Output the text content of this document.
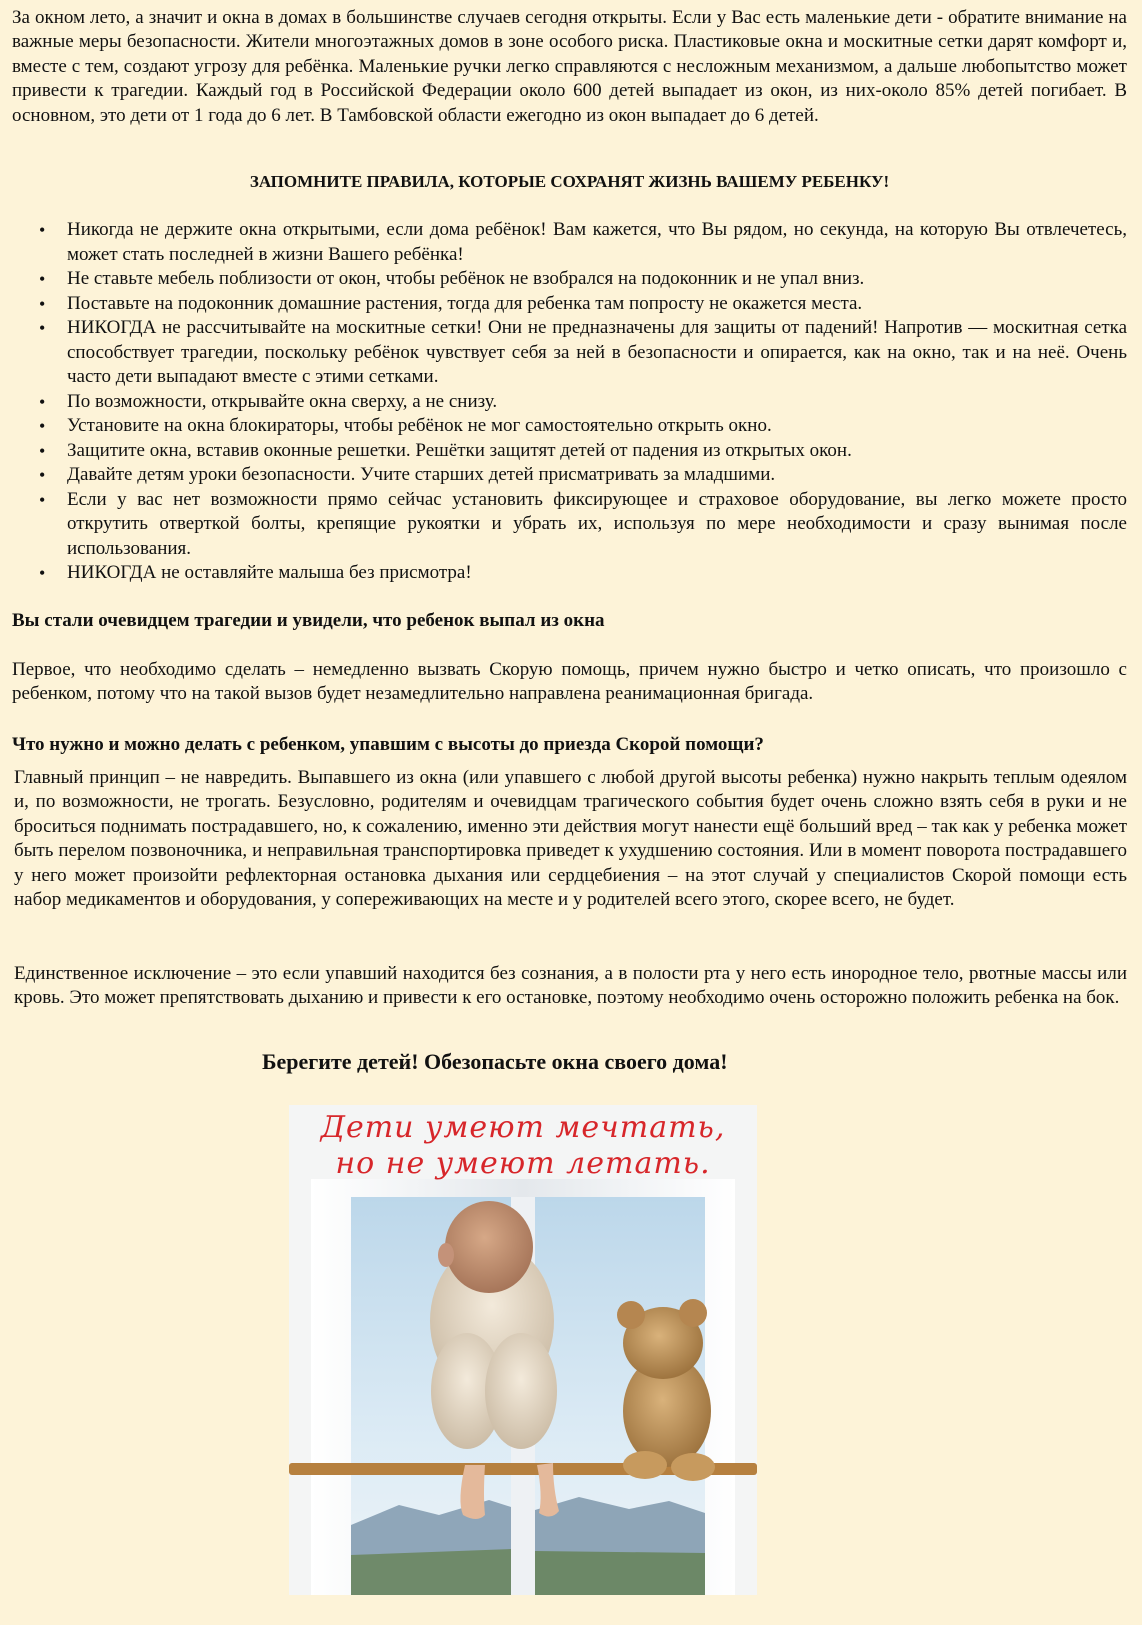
За окном лето, а значит и окна в домах в большинстве случаев сегодня открыты. Если у Вас есть маленькие дети - обратите внимание на важные меры безопасности. Жители многоэтажных домов в зоне особого риска. Пластиковые окна и москитные сетки дарят комфорт и, вместе с тем, создают угрозу для ребёнка. Маленькие ручки легко справляются с несложным механизмом, а дальше любопытство может привести к трагедии. Каждый год в Российской Федерации около 600 детей выпадает из окон, из них-около 85% детей погибает. В основном, это дети от 1 года до 6 лет. В Тамбовской области ежегодно из окон выпадает до 6 детей.
ЗАПОМНИТЕ ПРАВИЛА, КОТОРЫЕ СОХРАНЯТ ЖИЗНЬ ВАШЕМУ РЕБЕНКУ!
• Никогда не держите окна открытыми, если дома ребёнок! Вам кажется, что Вы рядом, но секунда, на которую Вы отвлечетесь, может стать последней в жизни Вашего ребёнка!
• Не ставьте мебель поблизости от окон, чтобы ребёнок не взобрался на подоконник и не упал вниз.
• Поставьте на подоконник домашние растения, тогда для ребенка там попросту не окажется места.
• НИКОГДА не рассчитывайте на москитные сетки! Они не предназначены для защиты от падений! Напротив — москитная сетка способствует трагедии, поскольку ребёнок чувствует себя за ней в безопасности и опирается, как на окно, так и на неё. Очень часто дети выпадают вместе с этими сетками.
• По возможности, открывайте окна сверху, а не снизу.
• Установите на окна блокираторы, чтобы ребёнок не мог самостоятельно открыть окно.
• Защитите окна, вставив оконные решетки. Решётки защитят детей от падения из открытых окон.
• Давайте детям уроки безопасности. Учите старших детей присматривать за младшими.
• Если у вас нет возможности прямо сейчас установить фиксирующее и страховое оборудование, вы легко можете просто открутить отверткой болты, крепящие рукоятки и убрать их, используя по мере необходимости и сразу вынимая после использования.
• НИКОГДА не оставляйте малыша без присмотра!
Вы стали очевидцем трагедии и увидели, что ребенок выпал из окна
Первое, что необходимо сделать – немедленно вызвать Скорую помощь, причем нужно быстро и четко описать, что произошло с ребенком, потому что на такой вызов будет незамедлительно направлена реанимационная бригада.
Что нужно и можно делать с ребенком, упавшим с высоты до приезда Скорой помощи?
Главный принцип – не навредить. Выпавшего из окна (или упавшего с любой другой высоты ребенка) нужно накрыть теплым одеялом и, по возможности, не трогать. Безусловно, родителям и очевидцам трагического события будет очень сложно взять себя в руки и не броситься поднимать пострадавшего, но, к сожалению, именно эти действия могут нанести ещё больший вред – так как у ребенка может быть перелом позвоночника, и неправильная транспортировка приведет к ухудшению состояния. Или в момент поворота пострадавшего у него может произойти рефлекторная остановка дыхания или сердцебиения – на этот случай у специалистов Скорой помощи есть набор медикаментов и оборудования, у сопереживающих на месте и у родителей всего этого, скорее всего, не будет.
Единственное исключение – это если упавший находится без сознания, а в полости рта у него есть инородное тело, рвотные массы или кровь. Это может препятствовать дыханию и привести к его остановке, поэтому необходимо очень осторожно положить ребенка на бок.
Берегите детей! Обезопасьте окна своего дома!
Дети умеют мечтать,
но не умеют летать.
